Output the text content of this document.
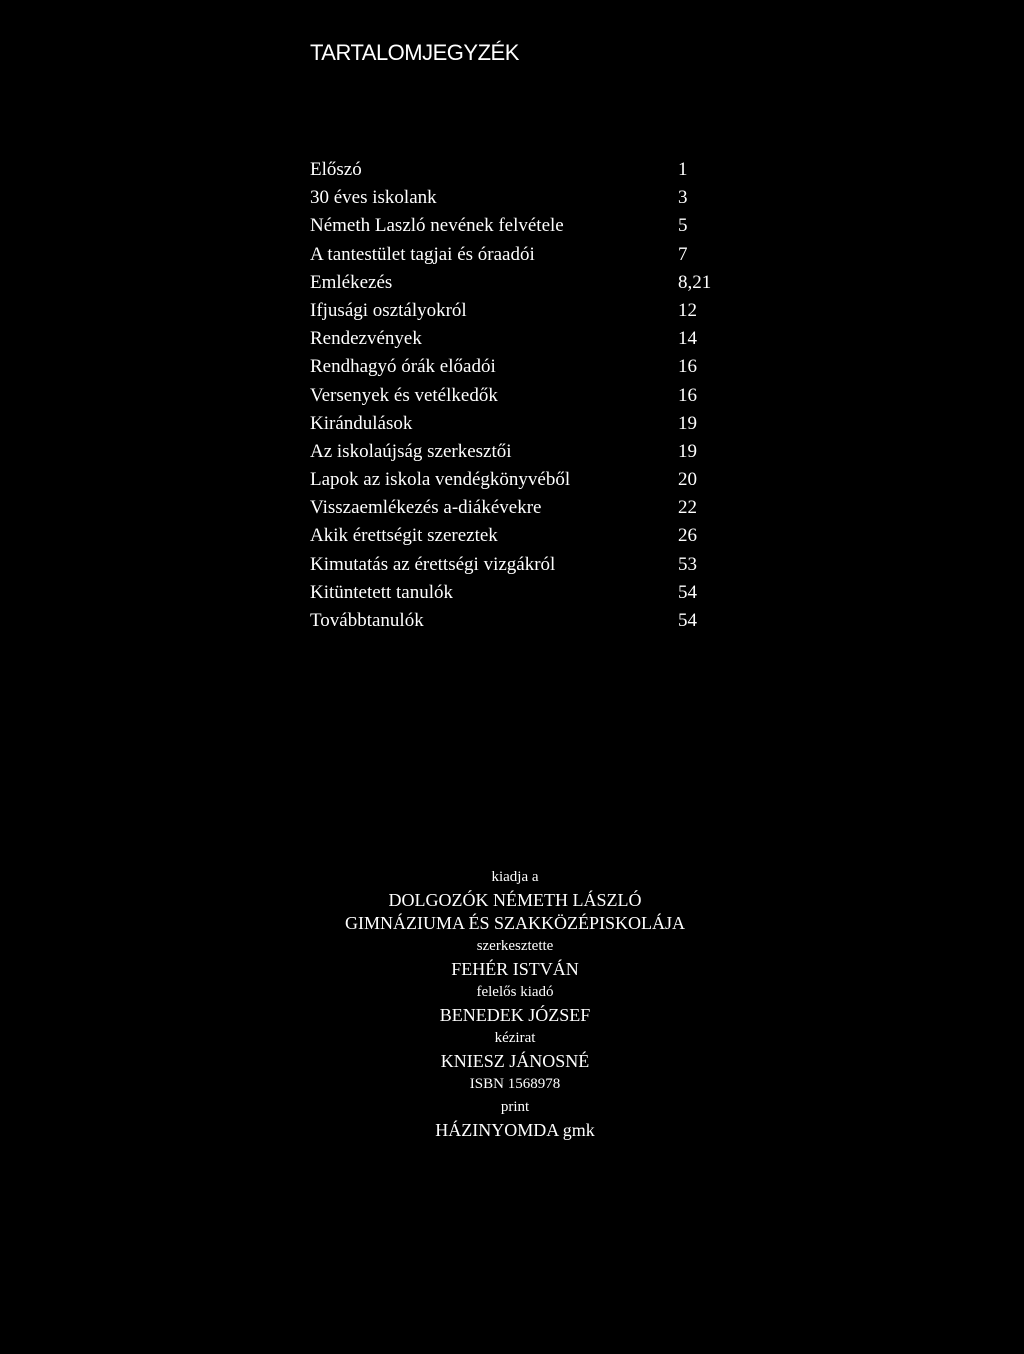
TARTALOMJEGYZÉK
Előszó	1
30 éves iskolank	3
Németh Laszló nevének felvétele	5
A tantestület tagjai és óraadói	7
Emlékezés	8,21
Ifjusági osztályokról	12
Rendezvények	14
Rendhagyó órák előadói	16
Versenyek és vetélkedők	16
Kirándulások	19
Az iskolaújság szerkesztői	19
Lapok az iskola vendégkönyvéből	20
Visszaemlékezés a-diákévekre	22
Akik érettségit szereztek	26
Kimutatás az érettségi vizgákról	53
Kitüntetett tanulók	54
Továbbtanulók	54
kiadja a
DOLGOZÓK NÉMETH LÁSZLÓ
GIMNÁZIUMA ÉS SZAKKÖZÉPISKOLÁJA
szerkesztette
FEHÉR ISTVÁN
felelős kiadó
BENEDEK JÓZSEF
kézirat
KNIESZ JÁNOSNÉ
ISBN 1568978
print
HÁZINYOMDA gmk
